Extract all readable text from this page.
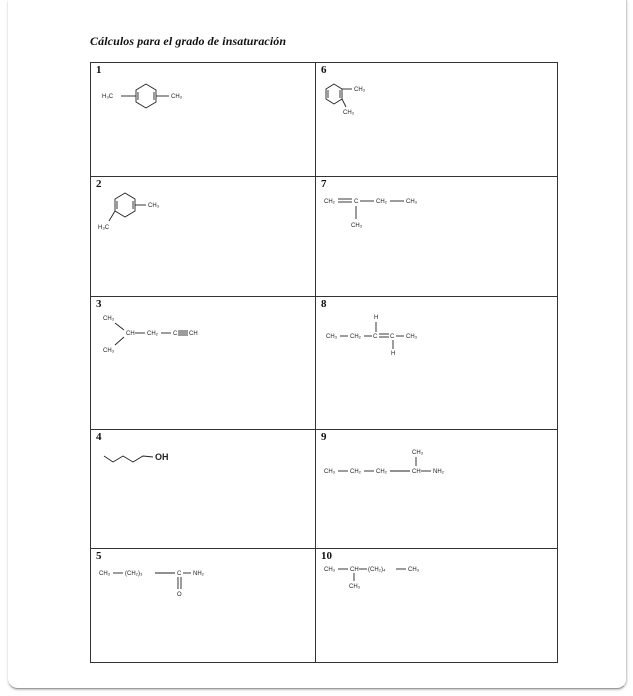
Cálculos para el grado de insaturación
1
H₃C	CH₃
6
CH₃
CH₃
2
CH₃
H₃C
7
CH₂	C	CH₂	CH₃
CH₃
3
CH₃
CH CH₂	C CH
CH₃
8
CH₃ CH₂ C C CH₃
H
H
4
OH
9
CH₃
CH₃ CH₂	CH₂	CH NH₂
5
CH₃ (CH₂)₃	C NH₂
O
10
CH₃ CH (CH₂)₄	CH₃
CH₃
